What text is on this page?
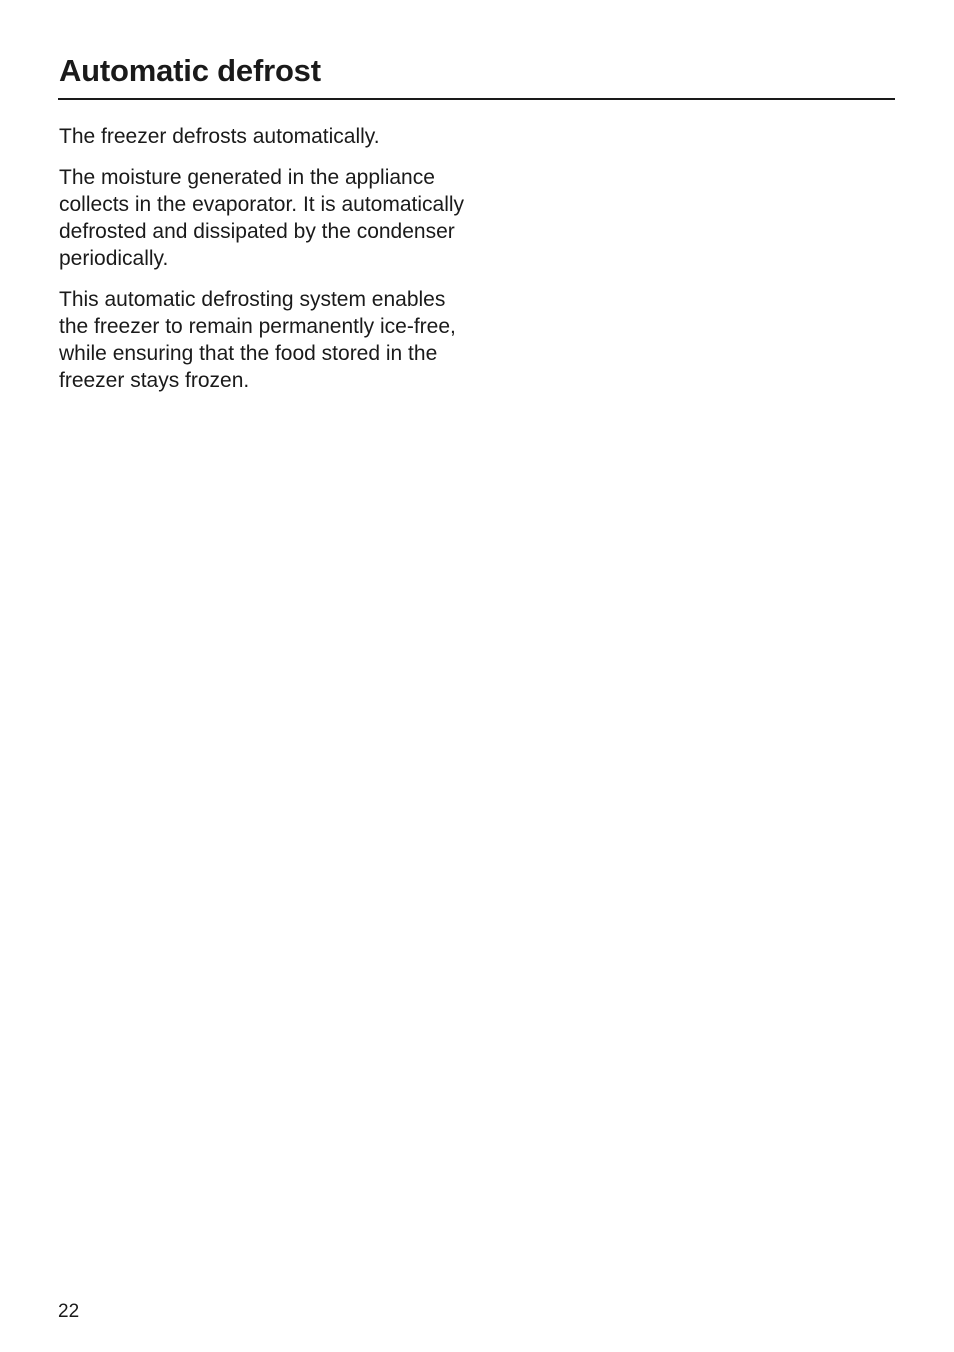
Automatic defrost

The freezer defrosts automatically.

The moisture generated in the appliance collects in the evaporator. It is automatically defrosted and dissipated by the condenser periodically.

This automatic defrosting system enables the freezer to remain permanently ice-free, while ensuring that the food stored in the freezer stays frozen.

22
